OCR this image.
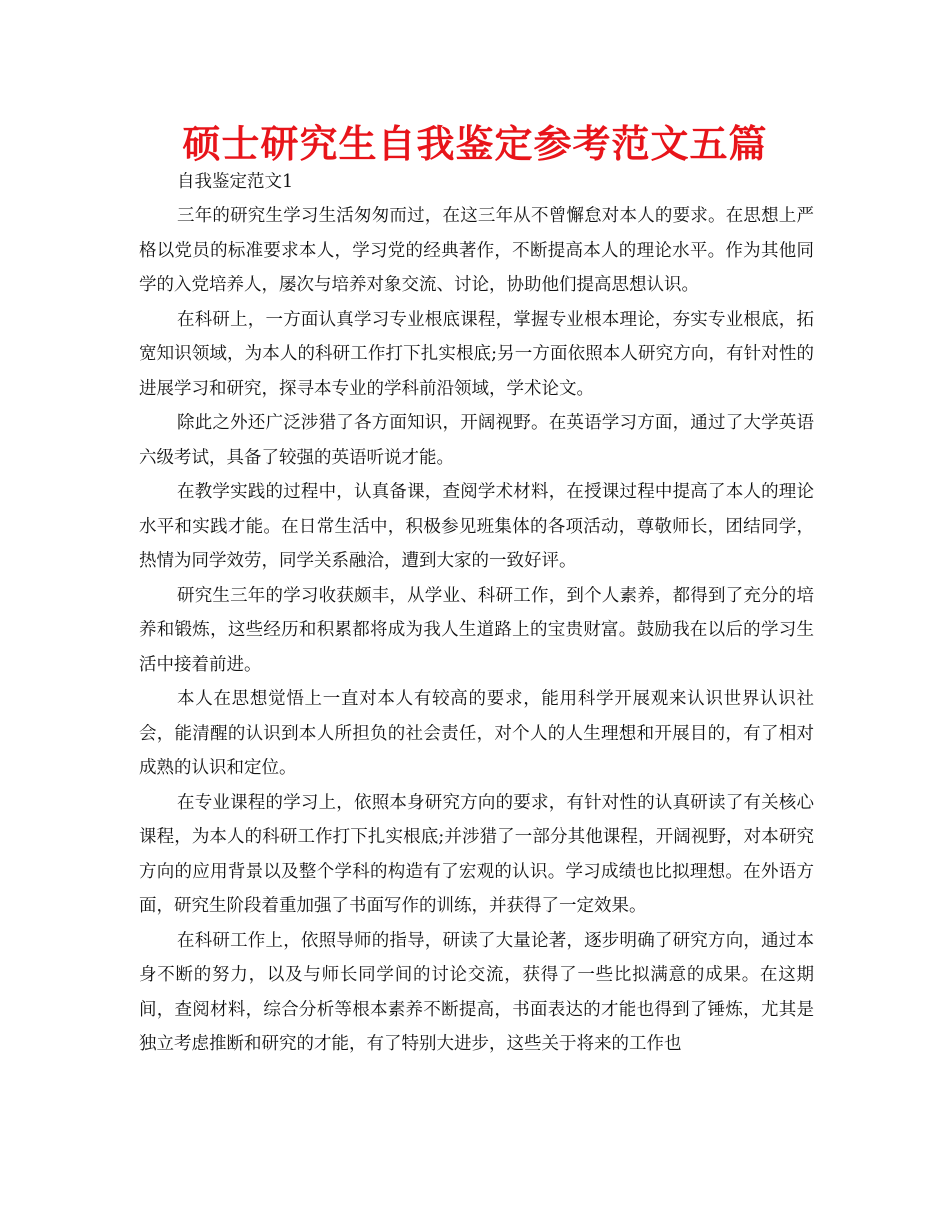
硕士研究生自我鉴定参考范文五篇

自我鉴定范文1

三年的研究生学习生活匆匆而过，在这三年从不曾懈怠对本人的要求。在思想上严格以党员的标准要求本人，学习党的经典著作，不断提高本人的理论水平。作为其他同学的入党培养人，屡次与培养对象交流、讨论，协助他们提高思想认识。

在科研上，一方面认真学习专业根底课程，掌握专业根本理论，夯实专业根底，拓宽知识领域，为本人的科研工作打下扎实根底;另一方面依照本人研究方向，有针对性的进展学习和研究，探寻本专业的学科前沿领域，学术论文。

除此之外还广泛涉猎了各方面知识，开阔视野。在英语学习方面，通过了大学英语六级考试，具备了较强的英语听说才能。

在教学实践的过程中，认真备课，查阅学术材料，在授课过程中提高了本人的理论水平和实践才能。在日常生活中，积极参见班集体的各项活动，尊敬师长，团结同学，热情为同学效劳，同学关系融洽，遭到大家的一致好评。

研究生三年的学习收获颇丰，从学业、科研工作，到个人素养，都得到了充分的培养和锻炼，这些经历和积累都将成为我人生道路上的宝贵财富。鼓励我在以后的学习生活中接着前进。

本人在思想觉悟上一直对本人有较高的要求，能用科学开展观来认识世界认识社会，能清醒的认识到本人所担负的社会责任，对个人的人生理想和开展目的，有了相对成熟的认识和定位。

在专业课程的学习上，依照本身研究方向的要求，有针对性的认真研读了有关核心课程，为本人的科研工作打下扎实根底;并涉猎了一部分其他课程，开阔视野，对本研究方向的应用背景以及整个学科的构造有了宏观的认识。学习成绩也比拟理想。在外语方面，研究生阶段着重加强了书面写作的训练，并获得了一定效果。

在科研工作上，依照导师的指导，研读了大量论著，逐步明确了研究方向，通过本身不断的努力，以及与师长同学间的讨论交流，获得了一些比拟满意的成果。在这期间，查阅材料，综合分析等根本素养不断提高，书面表达的才能也得到了锤炼，尤其是独立考虑推断和研究的才能，有了特别大进步，这些关于将来的工作也
